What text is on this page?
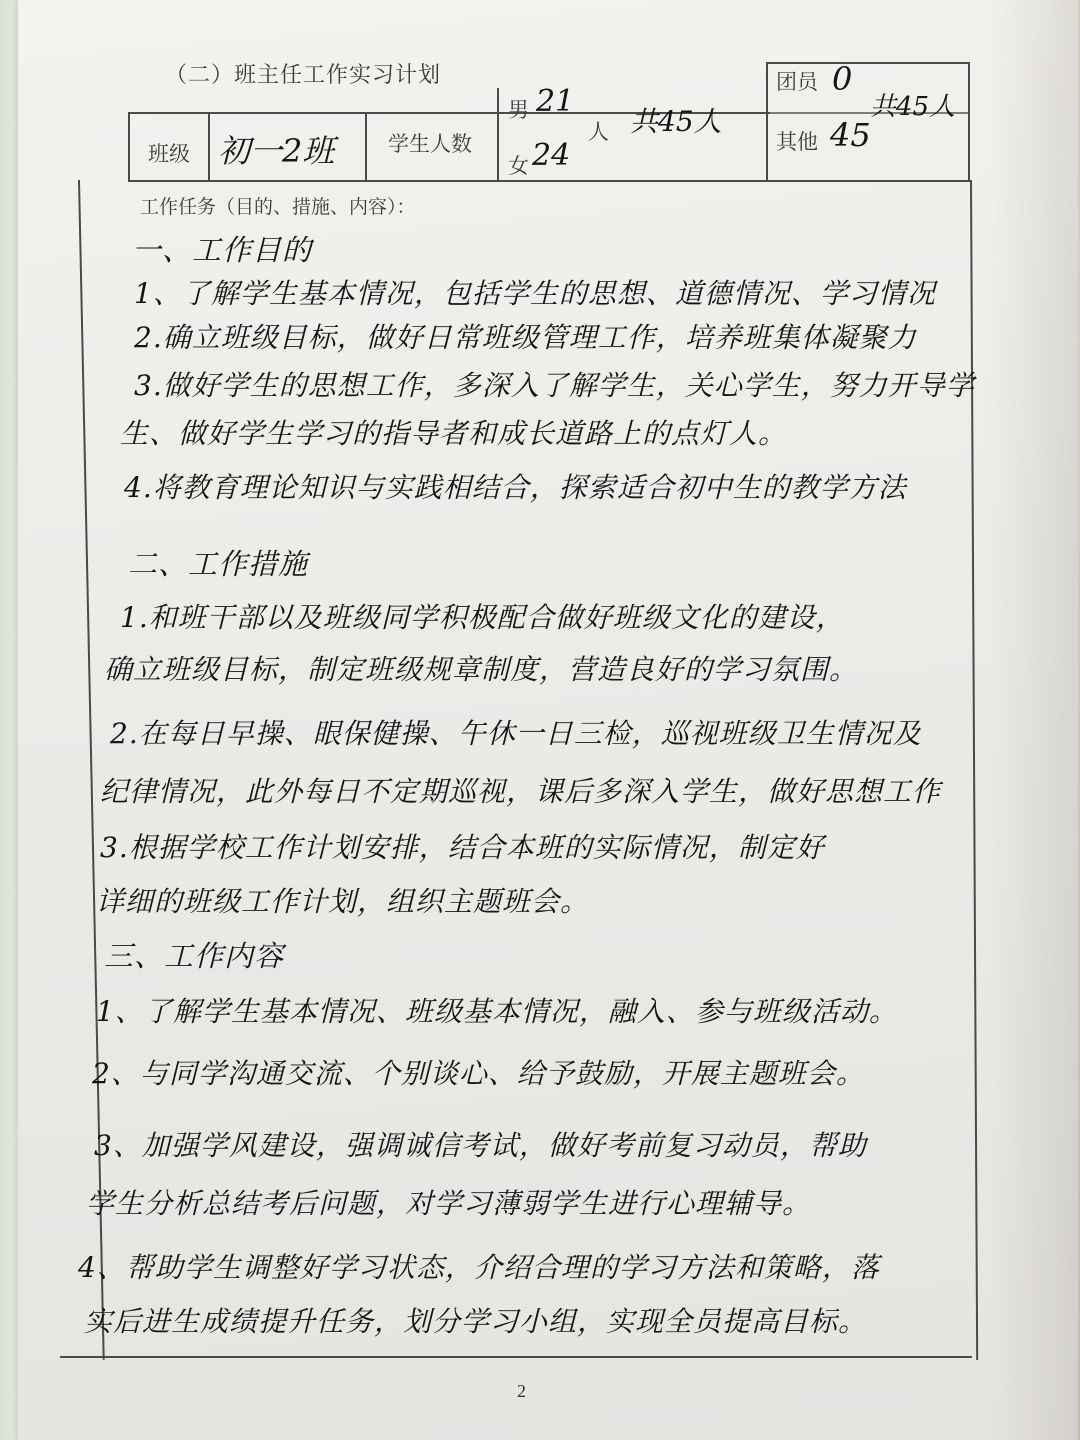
（二）班主任工作实习计划
班级 初一2班	学生人数
男 21
女 24
人 共45人
团员 0
其他 45
共45人
工作任务（目的、措施、内容）：
一、工作目的
1、了解学生基本情况，包括学生的思想、道德情况、学习情况
2.确立班级目标，做好日常班级管理工作，培养班集体凝聚力
3.做好学生的思想工作，多深入了解学生，关心学生，努力开导学
生、做好学生学习的指导者和成长道路上的点灯人。
4.将教育理论知识与实践相结合，探索适合初中生的教学方法
二、工作措施
1.和班干部以及班级同学积极配合做好班级文化的建设，
确立班级目标，制定班级规章制度，营造良好的学习氛围。
2.在每日早操、眼保健操、午休一日三检，巡视班级卫生情况及
纪律情况，此外每日不定期巡视，课后多深入学生，做好思想工作
3.根据学校工作计划安排，结合本班的实际情况，制定好
详细的班级工作计划，组织主题班会。
三、工作内容
1、了解学生基本情况、班级基本情况，融入、参与班级活动。
2、与同学沟通交流、个别谈心、给予鼓励，开展主题班会。
3、加强学风建设，强调诚信考试，做好考前复习动员，帮助
学生分析总结考后问题，对学习薄弱学生进行心理辅导。
4、帮助学生调整好学习状态，介绍合理的学习方法和策略，落
实后进生成绩提升任务，划分学习小组，实现全员提高目标。
2
